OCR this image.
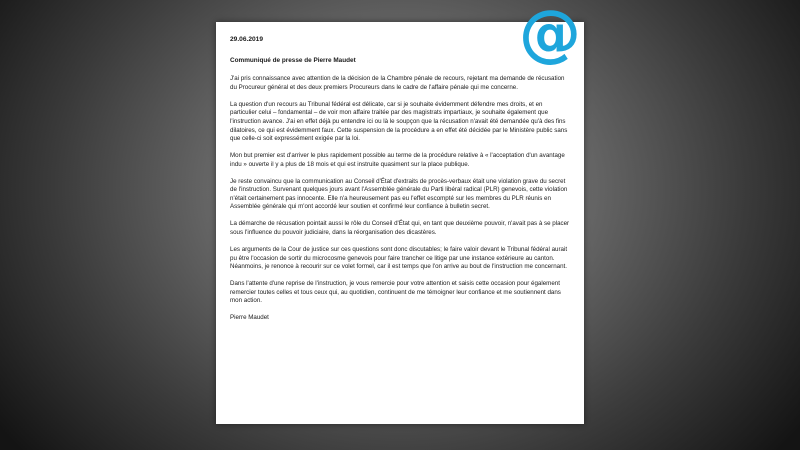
29.06.2019

Communiqué de presse de Pierre Maudet

J'ai pris connaissance avec attention de la décision de la Chambre pénale de recours, rejetant ma demande de récusation du Procureur général et des deux premiers Procureurs dans le cadre de l'affaire pénale qui me concerne.

La question d'un recours au Tribunal fédéral est délicate, car si je souhaite évidemment défendre mes droits, et en particulier celui – fondamental – de voir mon affaire traitée par des magistrats impartiaux, je souhaite également que l'instruction avance. J'ai en effet déjà pu entendre ici ou là le soupçon que la récusation n'avait été demandée qu'à des fins dilatoires, ce qui est évidemment faux. Cette suspension de la procédure a en effet été décidée par le Ministère public sans que celle-ci soit expressément exigée par la loi.

Mon but premier est d'arriver le plus rapidement possible au terme de la procédure relative à « l'acceptation d'un avantage indu » ouverte il y a plus de 18 mois et qui est instruite quasiment sur la place publique.

Je reste convaincu que la communication au Conseil d'État d'extraits de procès-verbaux était une violation grave du secret de l'instruction. Survenant quelques jours avant l'Assemblée générale du Parti libéral radical (PLR) genevois, cette violation n'était certainement pas innocente. Elle n'a heureusement pas eu l'effet escompté sur les membres du PLR réunis en Assemblée générale qui m'ont accordé leur soutien et confirmé leur confiance à bulletin secret.

La démarche de récusation pointait aussi le rôle du Conseil d'État qui, en tant que deuxième pouvoir, n'avait pas à se placer sous l'influence du pouvoir judiciaire, dans la réorganisation des dicastères.

Les arguments de la Cour de justice sur ces questions sont donc discutables; le faire valoir devant le Tribunal fédéral aurait pu être l'occasion de sortir du microcosme genevois pour faire trancher ce litige par une instance extérieure au canton. Néanmoins, je renonce à recourir sur ce volet formel, car il est temps que l'on arrive au bout de l'instruction me concernant.

Dans l'attente d'une reprise de l'instruction, je vous remercie pour votre attention et saisis cette occasion pour également remercier toutes celles et tous ceux qui, au quotidien, continuent de me témoigner leur confiance et me soutiennent dans mon action.

Pierre Maudet

@
